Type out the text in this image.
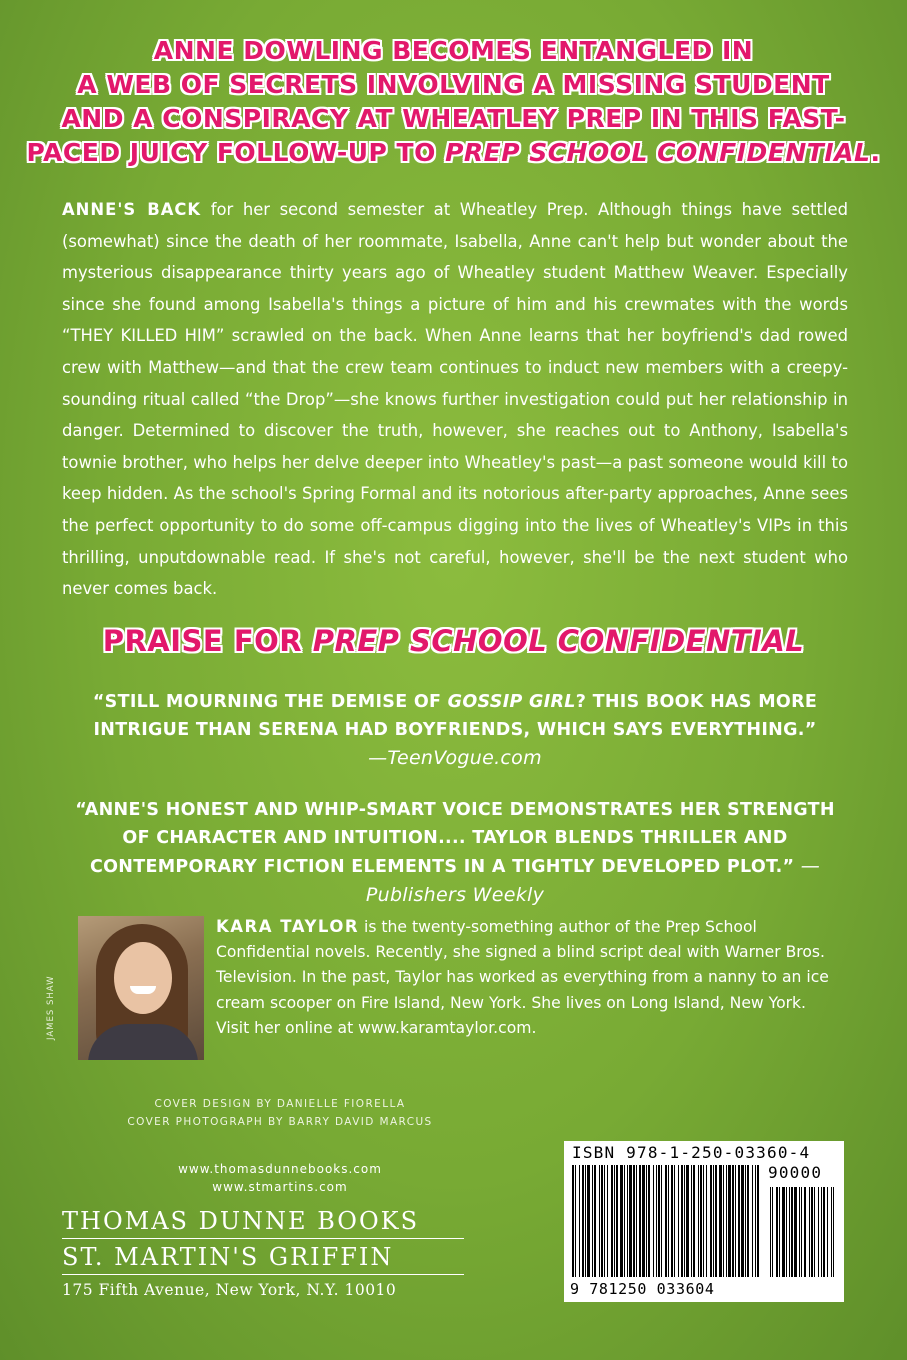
ANNE DOWLING BECOMES ENTANGLED IN
A WEB OF SECRETS INVOLVING A MISSING STUDENT
AND A CONSPIRACY AT WHEATLEY PREP IN THIS FAST-
PACED JUICY FOLLOW-UP TO PREP SCHOOL CONFIDENTIAL.
ANNE'S BACK for her second semester at Wheatley Prep. Although things have settled (somewhat) since the death of her roommate, Isabella, Anne can't help but wonder about the mysterious disappearance thirty years ago of Wheatley student Matthew Weaver. Especially since she found among Isabella's things a picture of him and his crewmates with the words “THEY KILLED HIM” scrawled on the back. When Anne learns that her boyfriend's dad rowed crew with Matthew—and that the crew team continues to induct new members with a creepy-sounding ritual called “the Drop”—she knows further investigation could put her relationship in danger. Determined to discover the truth, however, she reaches out to Anthony, Isabella's townie brother, who helps her delve deeper into Wheatley's past—a past someone would kill to keep hidden. As the school's Spring Formal and its notorious after-party approaches, Anne sees the perfect opportunity to do some off-campus digging into the lives of Wheatley's VIPs in this thrilling, unputdownable read. If she's not careful, however, she'll be the next student who never comes back.
PRAISE FOR PREP SCHOOL CONFIDENTIAL
“STILL MOURNING THE DEMISE OF GOSSIP GIRL? THIS BOOK HAS MORE INTRIGUE THAN SERENA HAD BOYFRIENDS, WHICH SAYS EVERYTHING.”
—TeenVogue.com
“ANNE'S HONEST AND WHIP-SMART VOICE DEMONSTRATES HER STRENGTH OF CHARACTER AND INTUITION.... TAYLOR BLENDS THRILLER AND CONTEMPORARY FICTION ELEMENTS IN A TIGHTLY DEVELOPED PLOT.” —Publishers Weekly
JAMES SHAW
KARA TAYLOR is the twenty-something author of the Prep School Confidential novels. Recently, she signed a blind script deal with Warner Bros. Television. In the past, Taylor has worked as everything from a nanny to an ice cream scooper on Fire Island, New York. She lives on Long Island, New York. Visit her online at www.karamtaylor.com.
COVER DESIGN BY DANIELLE FIORELLA
COVER PHOTOGRAPH BY BARRY DAVID MARCUS
www.thomasdunnebooks.com
www.stmartins.com
THOMAS DUNNE BOOKS
ST. MARTIN'S GRIFFIN
175 Fifth Avenue, New York, N.Y. 10010
ISBN 978-1-250-03360-4
90000
9 781250 033604
